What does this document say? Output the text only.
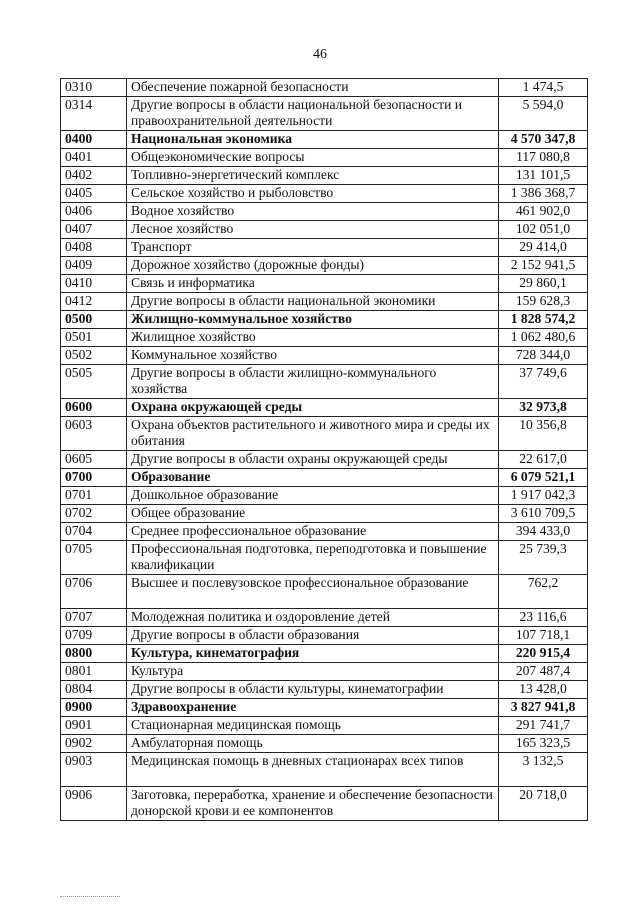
46
0310	Обеспечение пожарной безопасности	1 474,5
0314	Другие вопросы в области национальной безопасности и правоохранительной деятельности	5 594,0
0400	Национальная экономика	4 570 347,8
0401	Общеэкономические вопросы	117 080,8
0402	Топливно-энергетический комплекс	131 101,5
0405	Сельское хозяйство и рыболовство	1 386 368,7
0406	Водное хозяйство	461 902,0
0407	Лесное хозяйство	102 051,0
0408	Транспорт	29 414,0
0409	Дорожное хозяйство (дорожные фонды)	2 152 941,5
0410	Связь и информатика	29 860,1
0412	Другие вопросы в области национальной экономики	159 628,3
0500	Жилищно-коммунальное хозяйство	1 828 574,2
0501	Жилищное хозяйство	1 062 480,6
0502	Коммунальное хозяйство	728 344,0
0505	Другие вопросы в области жилищно-коммунального хозяйства	37 749,6
0600	Охрана окружающей среды	32 973,8
0603	Охрана объектов растительного и животного мира и среды их обитания	10 356,8
0605	Другие вопросы в области охраны окружающей среды	22 617,0
0700	Образование	6 079 521,1
0701	Дошкольное образование	1 917 042,3
0702	Общее образование	3 610 709,5
0704	Среднее профессиональное образование	394 433,0
0705	Профессиональная подготовка, переподготовка и повышение квалификации	25 739,3
0706	Высшее и послевузовское профессиональное образование	762,2
0707	Молодежная политика и оздоровление детей	23 116,6
0709	Другие вопросы в области образования	107 718,1
0800	Культура, кинематография	220 915,4
0801	Культура	207 487,4
0804	Другие вопросы в области культуры, кинематографии	13 428,0
0900	Здравоохранение	3 827 941,8
0901	Стационарная медицинская помощь	291 741,7
0902	Амбулаторная помощь	165 323,5
0903	Медицинская помощь в дневных стационарах всех типов	3 132,5
0906	Заготовка, переработка, хранение и обеспечение безопасности донорской крови и ее компонентов	20 718,0
